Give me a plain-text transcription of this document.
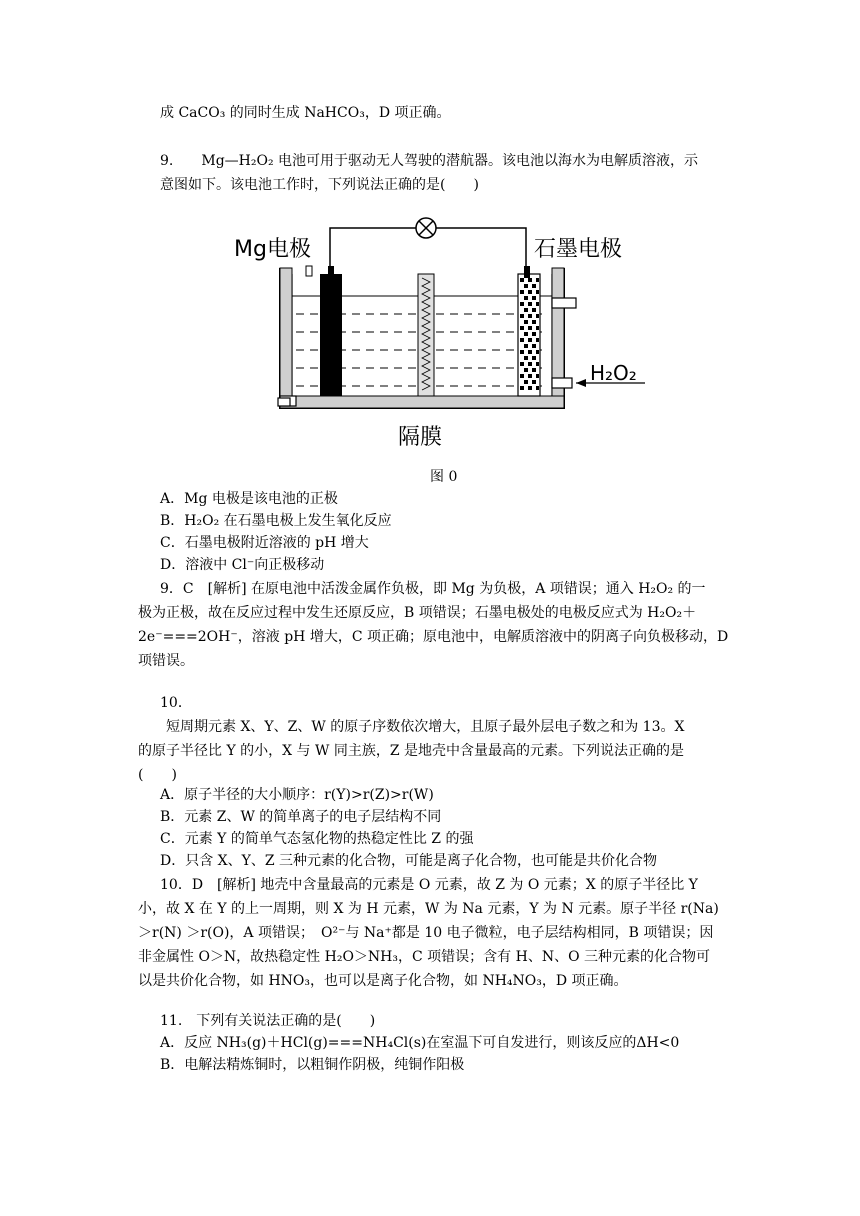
成 CaCO₃ 的同时生成 NaHCO₃，D 项正确。
9.　　Mg—H₂O₂ 电池可用于驱动无人驾驶的潜航器。该电池以海水为电解质溶液，示
意图如下。该电池工作时，下列说法正确的是(　　)
Mg电极	石墨电极
H₂O₂
隔膜
图 0
A．Mg 电极是该电池的正极
B．H₂O₂ 在石墨电极上发生氧化反应
C．石墨电极附近溶液的 pH 增大
D．溶液中 Cl⁻向正极移动
9．C　[解析] 在原电池中活泼金属作负极，即 Mg 为负极，A 项错误；通入 H₂O₂ 的一
极为正极，故在反应过程中发生还原反应，B 项错误；石墨电极处的电极反应式为 H₂O₂＋
2e⁻===2OH⁻，溶液 pH 增大，C 项正确；原电池中，电解质溶液中的阴离子向负极移动，D
项错误。
10．
短周期元素 X、Y、Z、W 的原子序数依次增大，且原子最外层电子数之和为 13。X
的原子半径比 Y 的小，X 与 W 同主族，Z 是地壳中含量最高的元素。下列说法正确的是
(　　)
A．原子半径的大小顺序：r(Y)>r(Z)>r(W)
B．元素 Z、W 的简单离子的电子层结构不同
C．元素 Y 的简单气态氢化物的热稳定性比 Z 的强
D．只含 X、Y、Z 三种元素的化合物，可能是离子化合物，也可能是共价化合物
10．D　[解析] 地壳中含量最高的元素是 O 元素，故 Z 为 O 元素；X 的原子半径比 Y
小，故 X 在 Y 的上一周期，则 X 为 H 元素，W 为 Na 元素，Y 为 N 元素。原子半径 r(Na)
＞r(N) ＞r(O)，A 项错误；　O²⁻与 Na⁺都是 10 电子微粒，电子层结构相同，B 项错误；因
非金属性 O＞N，故热稳定性 H₂O＞NH₃，C 项错误；含有 H、N、O 三种元素的化合物可
以是共价化合物，如 HNO₃，也可以是离子化合物，如 NH₄NO₃，D 项正确。
11.　下列有关说法正确的是(　　)
A．反应 NH₃(g)＋HCl(g)===NH₄Cl(s)在室温下可自发进行，则该反应的ΔH<0
B．电解法精炼铜时，以粗铜作阴极，纯铜作阳极
